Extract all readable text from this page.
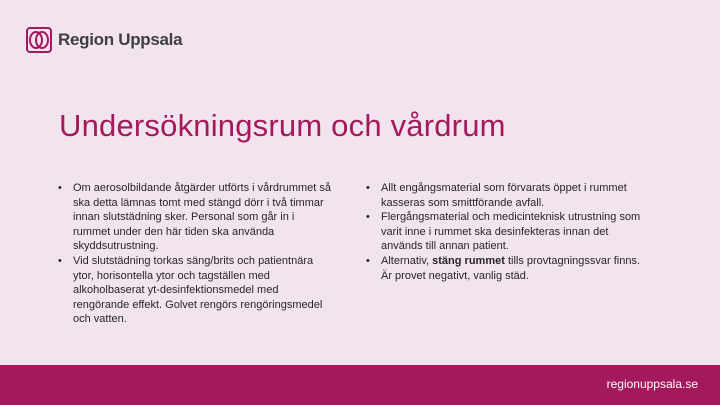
Region Uppsala
Undersökningsrum och vårdrum
• Om aerosolbildande åtgärder utförts i vårdrummet så ska detta lämnas tomt med stängd dörr i två timmar innan slutstädning sker. Personal som går in i rummet under den här tiden ska använda skyddsutrustning.
• Vid slutstädning torkas säng/brits och patientnära ytor, horisontella ytor och tagställen med alkoholbaserat yt-desinfektionsmedel med rengörande effekt. Golvet rengörs rengöringsmedel och vatten.
• Allt engångsmaterial som förvarats öppet i rummet kasseras som smittförande avfall.
• Flergångsmaterial och medicinteknisk utrustning som varit inne i rummet ska desinfekteras innan det används till annan patient.
• Alternativ, stäng rummet tills provtagningssvar finns. Är provet negativt, vanlig städ.
regionuppsala.se
